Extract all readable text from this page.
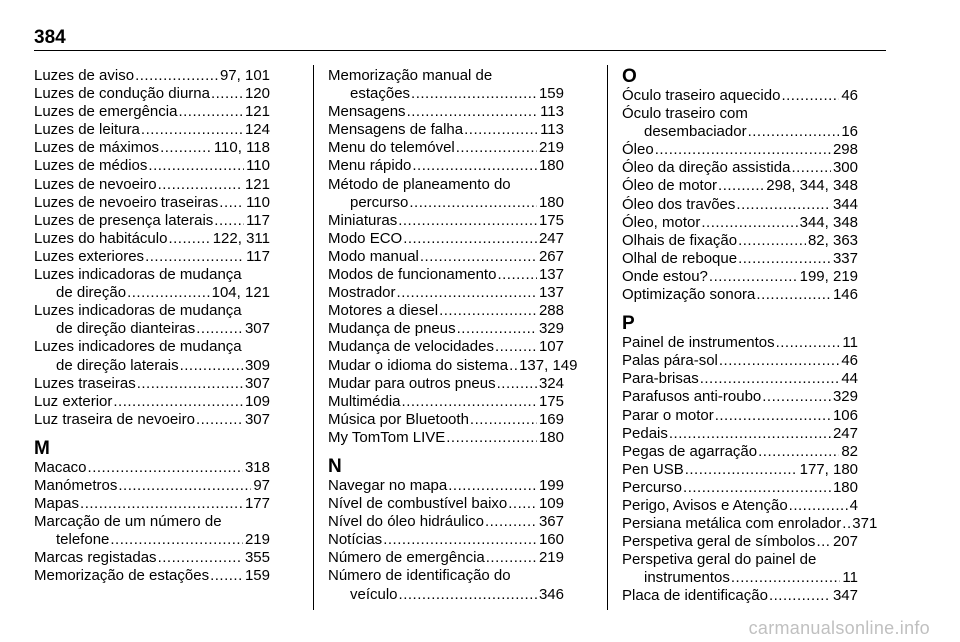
384
Luzes de aviso .....	97, 101
Luzes de condução diurna ..... 120
Luzes de emergência .....	121
Luzes de leitura .....	124
Luzes de máximos .....	110, 118
Luzes de médios .....	110
Luzes de nevoeiro .....	121
Luzes de nevoeiro traseiras ..... 110
Luzes de presença laterais ..... 117
Luzes do habitáculo .....	122, 311
Luzes exteriores .....	117
Luzes indicadoras de mudança
de direção .....	104, 121
Luzes indicadoras de mudança
de direção dianteiras .....	307
Luzes indicadores de mudança
de direção laterais .....	309
Luzes traseiras .....	307
Luz exterior .....	109
Luz traseira de nevoeiro .....	307
M
Macaco .....	318
Manómetros .....	97
Mapas .....	177
Marcação de um número de
telefone .....	219
Marcas registadas .....	355
Memorização de estações ..... 159
Memorização manual de
estações .....	159
Mensagens .....	113
Mensagens de falha .....	113
Menu do telemóvel .....	219
Menu rápido .....	180
Método de planeamento do
percurso .....	180
Miniaturas .....	175
Modo ECO .....	247
Modo manual .....	267
Modos de funcionamento .....	137
Mostrador .....	137
Motores a diesel .....	288
Mudança de pneus .....	329
Mudança de velocidades .....	107
Mudar o idioma do sistema ..... 137, 149
Mudar para outros pneus .....	324
Multimédia .....	175
Música por Bluetooth .....	169
My TomTom LIVE .....	180
N
Navegar no mapa .....	199
Nível de combustível baixo ..... 109
Nível do óleo hidráulico .....	367
Notícias .....	160
Número de emergência .....	219
Número de identificação do
veículo .....	346
O
Óculo traseiro aquecido .....	46
Óculo traseiro com
desembaciador .....	16
Óleo .....	298
Óleo da direção assistida .....	300
Óleo de motor .....	298, 344, 348
Óleo dos travões .....	344
Óleo, motor .....	344, 348
Olhais de fixação .....	82, 363
Olhal de reboque .....	337
Onde estou? .....	199, 219
Optimização sonora .....	146
P
Painel de instrumentos .....	11
Palas pára-sol .....	46
Para-brisas .....	44
Parafusos anti-roubo .....	329
Parar o motor .....	106
Pedais .....	247
Pegas de agarração .....	82
Pen USB .....	177, 180
Percurso .....	180
Perigo, Avisos e Atenção .....	4
Persiana metálica com enrolador ..... 371
Perspetiva geral de símbolos ..... 207
Perspetiva geral do painel de
instrumentos .....	11
Placa de identificação .....	347
carmanualsonline.info
